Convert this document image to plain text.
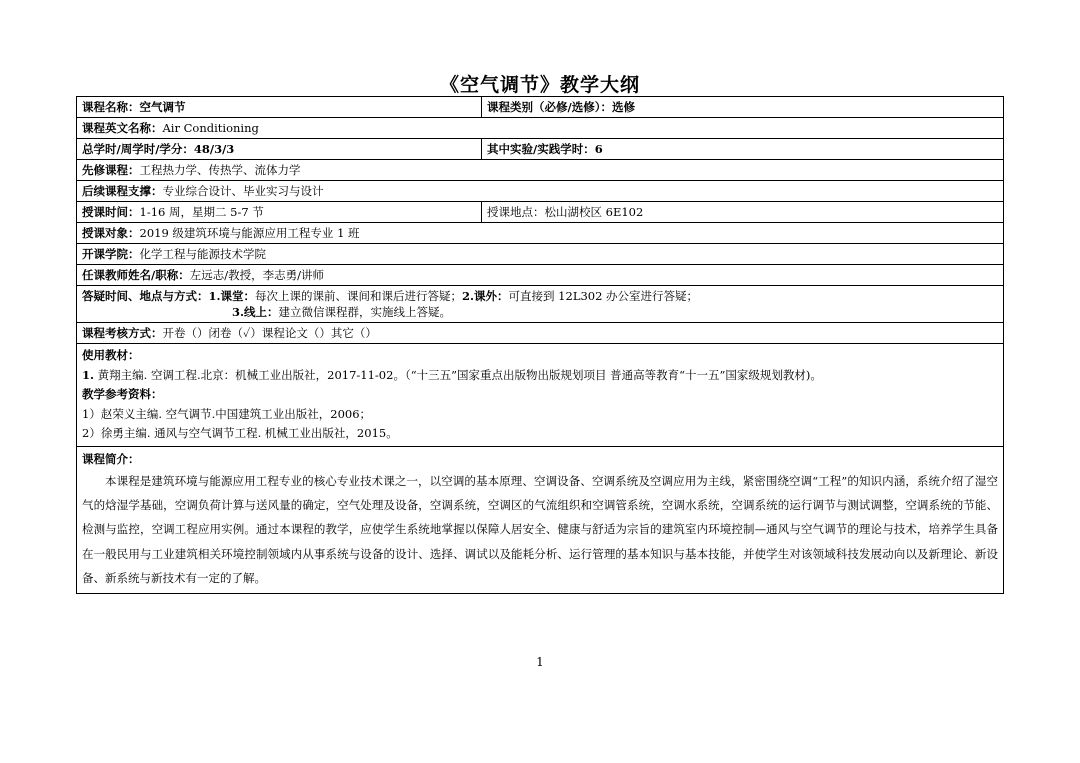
《空气调节》教学大纲
课程名称：空气调节	课程类别（必修/选修）：选修
课程英文名称：Air Conditioning	
总学时/周学时/学分：48/3/3	其中实验/实践学时：6
先修课程：工程热力学、传热学、流体力学	
后续课程支撑：专业综合设计、毕业实习与设计	
授课时间：1-16 周，星期二 5-7 节	授课地点：松山湖校区 6E102
授课对象：2019 级建筑环境与能源应用工程专业 1 班	
开课学院：化学工程与能源技术学院	
任课教师姓名/职称：左远志/教授，李志勇/讲师	

答疑时间、地点与方式：1.课堂：每次上课的课前、课间和课后进行答疑；2.课外：可直接到 12L302 办公室进行答疑；
3.线上：建立微信课程群，实施线上答疑。	

课程考核方式：开卷（）闭卷（✓）课程论文（）其它（）	

使用教材：
1. 黄翔主编. 空调工程.北京：机械工业出版社，2017-11-02。（“十三五”国家重点出版物出版规划项目 普通高等教育“十一五”国家级规划教材)。
教学参考资料：
1）赵荣义主编. 空气调节.中国建筑工业出版社，2006；
2）徐勇主编. 通风与空气调节工程. 机械工业出版社，2015。	

课程简介：
本课程是建筑环境与能源应用工程专业的核心专业技术课之一，以空调的基本原理、空调设备、空调系统及空调应用为主线，紧密围绕空调“工程”的知识内涵，系统介绍了湿空气的焓湿学基础，空调负荷计算与送风量的确定，空气处理及设备，空调系统，空调区的气流组织和空调管系统，空调水系统，空调系统的运行调节与测试调整，空调系统的节能、检测与监控，空调工程应用实例。通过本课程的教学，应使学生系统地掌握以保障人居安全、健康与舒适为宗旨的建筑室内环境控制—通风与空气调节的理论与技术，培养学生具备在一般民用与工业建筑相关环境控制领域内从事系统与设备的设计、选择、调试以及能耗分析、运行管理的基本知识与基本技能，并使学生对该领域科技发展动向以及新理论、新设备、新系统与新技术有一定的了解。	
1
